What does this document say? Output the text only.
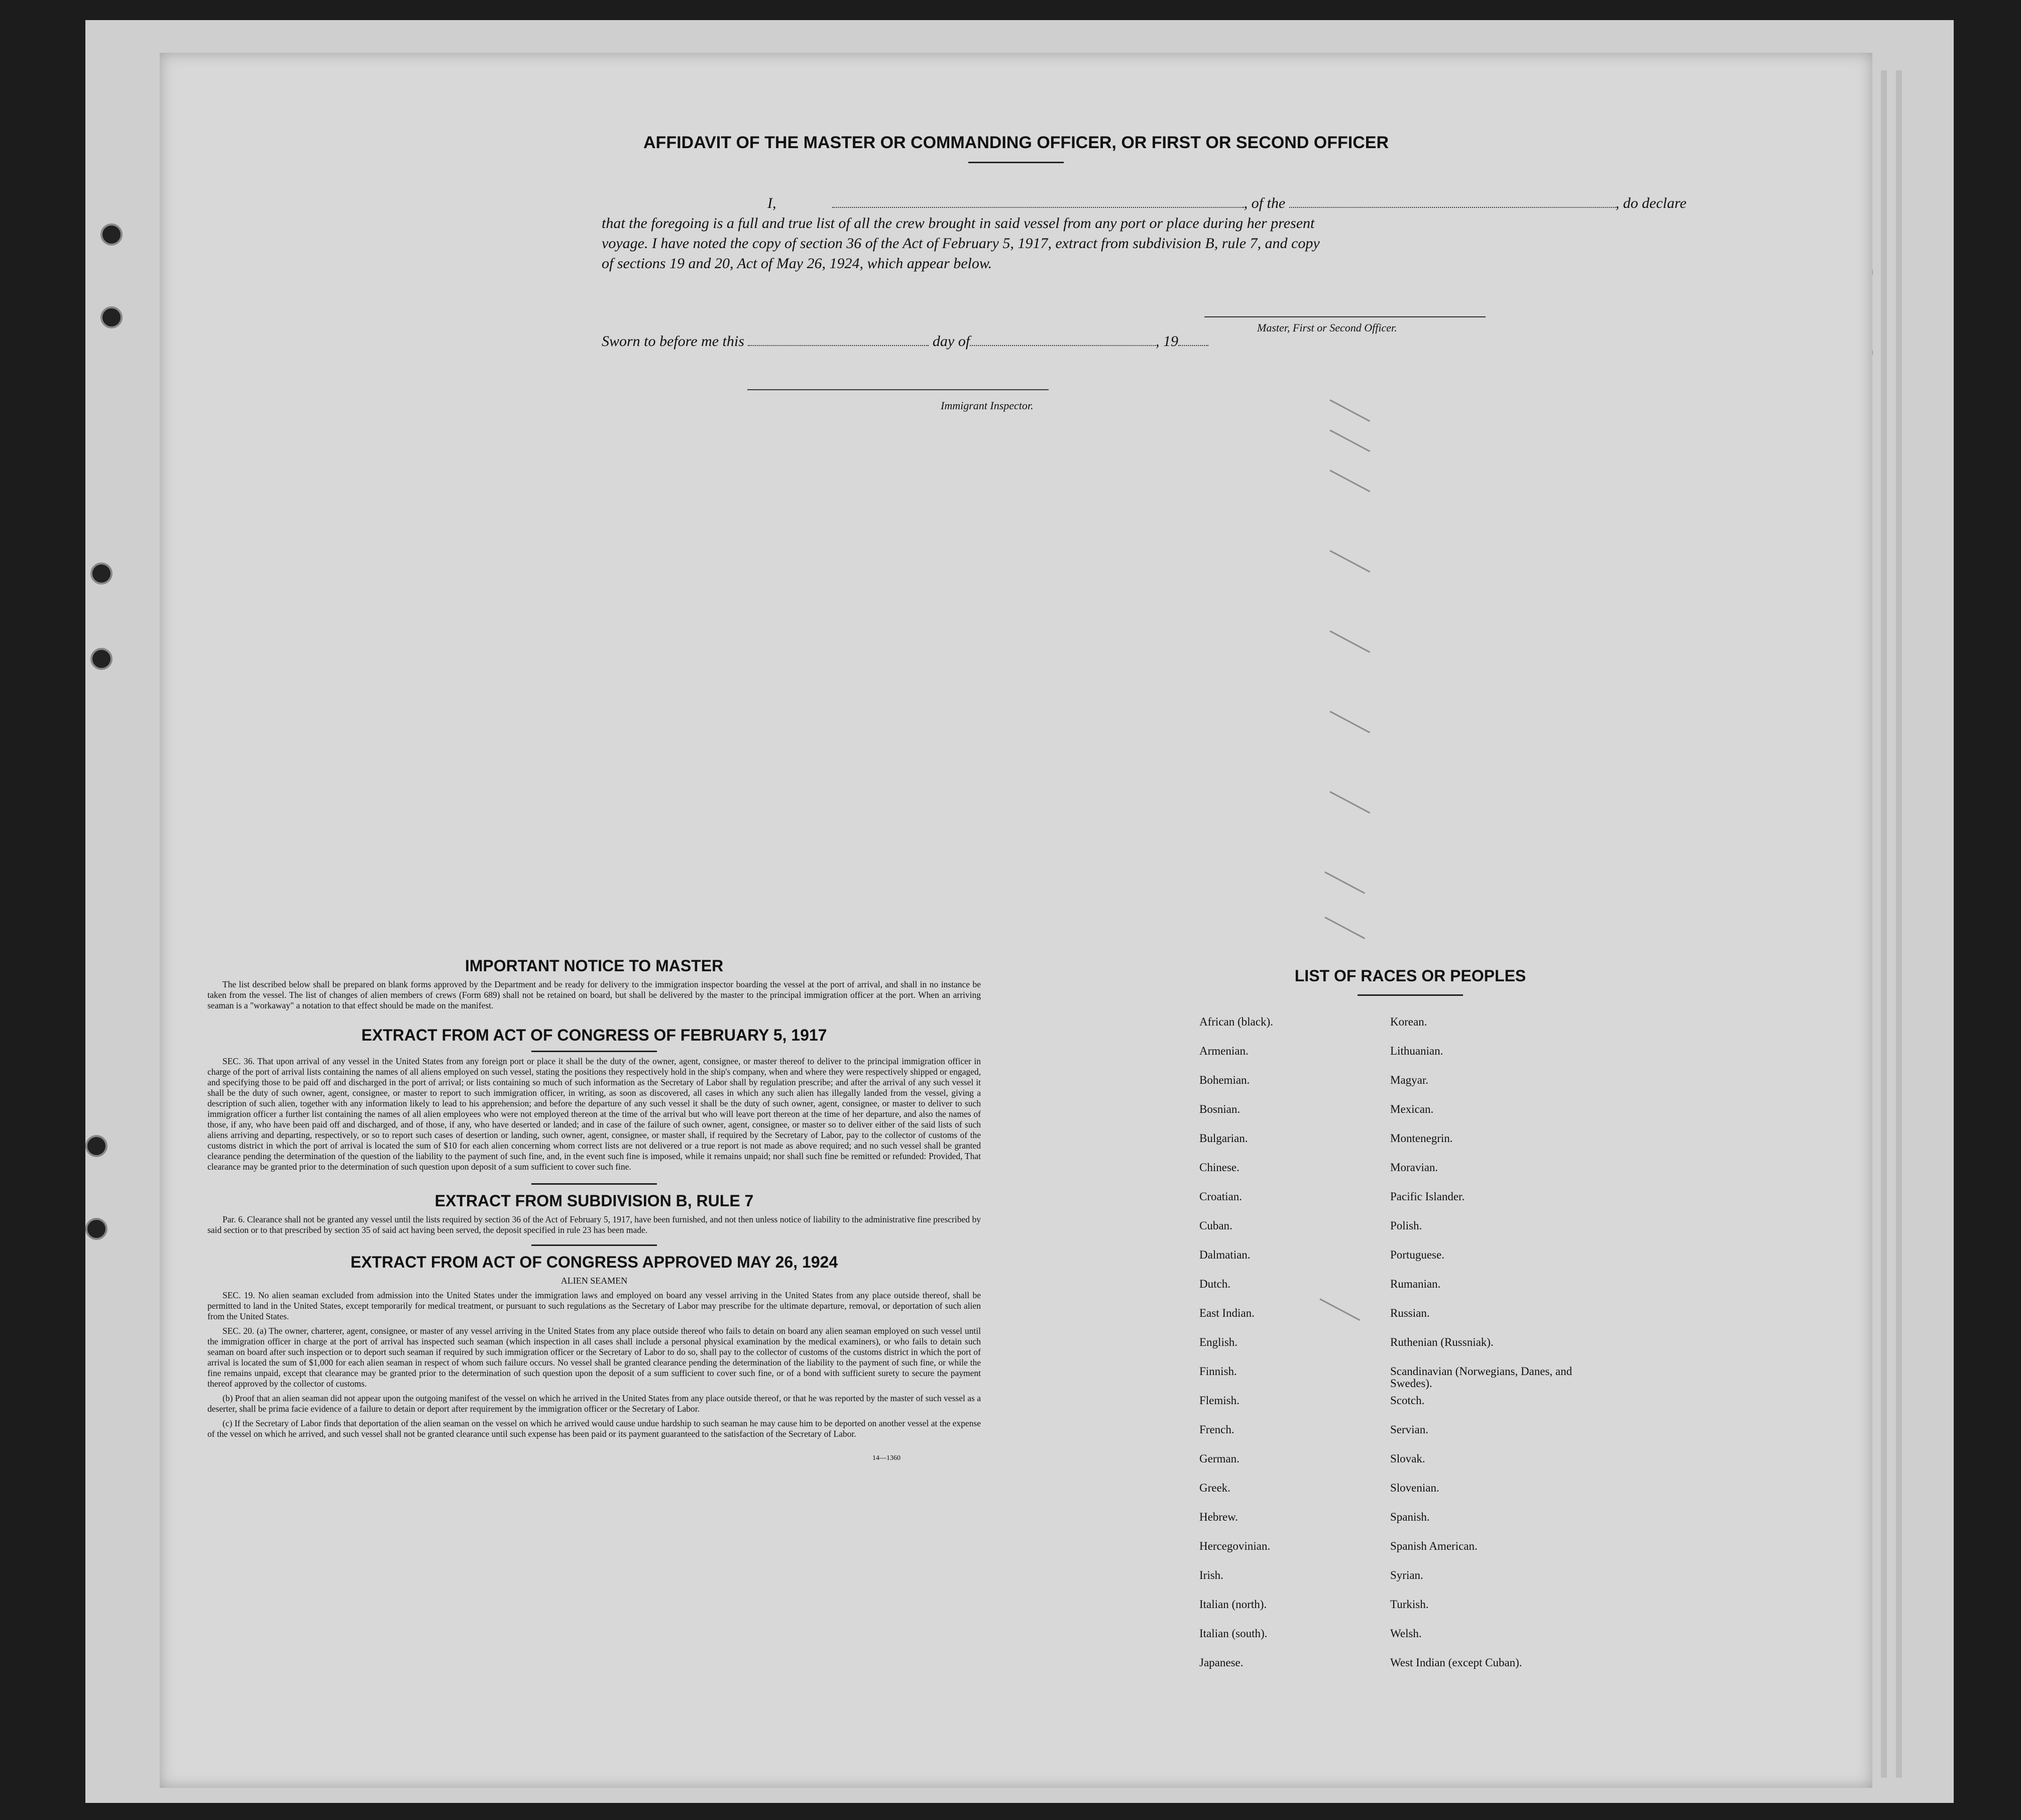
AFFIDAVIT OF THE MASTER OR COMMANDING OFFICER, OR FIRST OR SECOND OFFICER

I,	, of the	, do declare
that the foregoing is a full and true list of all the crew brought in said vessel from any port or place during her present
voyage. I have noted the copy of section 36 of the Act of February 5, 1917, extract from subdivision B, rule 7, and copy
of sections 19 and 20, Act of May 26, 1924, which appear below.
Master, First or Second Officer.
Sworn to before me this	day of	, 19
Immigrant Inspector.

IMPORTANT NOTICE TO MASTER

The list described below shall be prepared on blank forms approved by the Department and be ready for delivery to the immigration inspector boarding the vessel at the port of arrival, and shall in no instance be taken from the vessel. The list of changes of alien members of crews (Form 689) shall not be retained on board, but shall be delivered by the master to the principal immigration officer at the port. When an arriving seaman is a "workaway" a notation to that effect should be made on the manifest.

EXTRACT FROM ACT OF CONGRESS OF FEBRUARY 5, 1917

SEC. 36. That upon arrival of any vessel in the United States from any foreign port or place it shall be the duty of the owner, agent, consignee, or master thereof to deliver to the principal immigration officer in charge of the port of arrival lists containing the names of all aliens employed on such vessel, stating the positions they respectively hold in the ship's company, when and where they were respectively shipped or engaged, and specifying those to be paid off and discharged in the port of arrival; or lists containing so much of such information as the Secretary of Labor shall by regulation prescribe; and after the arrival of any such vessel it shall be the duty of such owner, agent, consignee, or master to report to such immigration officer, in writing, as soon as discovered, all cases in which any such alien has illegally landed from the vessel, giving a description of such alien, together with any information likely to lead to his apprehension; and before the departure of any such vessel it shall be the duty of such owner, agent, consignee, or master to deliver to such immigration officer a further list containing the names of all alien employees who were not employed thereon at the time of the arrival but who will leave port thereon at the time of her departure, and also the names of those, if any, who have been paid off and discharged, and of those, if any, who have deserted or landed; and in case of the failure of such owner, agent, consignee, or master so to deliver either of the said lists of such aliens arriving and departing, respectively, or so to report such cases of desertion or landing, such owner, agent, consignee, or master shall, if required by the Secretary of Labor, pay to the collector of customs of the customs district in which the port of arrival is located the sum of $10 for each alien concerning whom correct lists are not delivered or a true report is not made as above required; and no such vessel shall be granted clearance pending the determination of the question of the liability to the payment of such fine, and, in the event such fine is imposed, while it remains unpaid; nor shall such fine be remitted or refunded: Provided, That clearance may be granted prior to the determination of such question upon deposit of a sum sufficient to cover such fine.

EXTRACT FROM SUBDIVISION B, RULE 7

Par. 6. Clearance shall not be granted any vessel until the lists required by section 36 of the Act of February 5, 1917, have been furnished, and not then unless notice of liability to the administrative fine prescribed by said section or to that prescribed by section 35 of said act having been served, the deposit specified in rule 23 has been made.

EXTRACT FROM ACT OF CONGRESS APPROVED MAY 26, 1924

ALIEN SEAMEN

SEC. 19. No alien seaman excluded from admission into the United States under the immigration laws and employed on board any vessel arriving in the United States from any place outside thereof, shall be permitted to land in the United States, except temporarily for medical treatment, or pursuant to such regulations as the Secretary of Labor may prescribe for the ultimate departure, removal, or deportation of such alien from the United States.

SEC. 20. (a) The owner, charterer, agent, consignee, or master of any vessel arriving in the United States from any place outside thereof who fails to detain on board any alien seaman employed on such vessel until the immigration officer in charge at the port of arrival has inspected such seaman (which inspection in all cases shall include a personal physical examination by the medical examiners), or who fails to detain such seaman on board after such inspection or to deport such seaman if required by such immigration officer or the Secretary of Labor to do so, shall pay to the collector of customs of the customs district in which the port of arrival is located the sum of $1,000 for each alien seaman in respect of whom such failure occurs. No vessel shall be granted clearance pending the determination of the liability to the payment of such fine, or while the fine remains unpaid, except that clearance may be granted prior to the determination of such question upon the deposit of a sum sufficient to cover such fine, or of a bond with sufficient surety to secure the payment thereof approved by the collector of customs.

(b) Proof that an alien seaman did not appear upon the outgoing manifest of the vessel on which he arrived in the United States from any place outside thereof, or that he was reported by the master of such vessel as a deserter, shall be prima facie evidence of a failure to detain or deport after requirement by the immigration officer or the Secretary of Labor.

(c) If the Secretary of Labor finds that deportation of the alien seaman on the vessel on which he arrived would cause undue hardship to such seaman he may cause him to be deported on another vessel at the expense of the vessel on which he arrived, and such vessel shall not be granted clearance until such expense has been paid or its payment guaranteed to the satisfaction of the Secretary of Labor.

14—1360

LIST OF RACES OR PEOPLES

African (black).	Korean.
Armenian.	Lithuanian.
Bohemian.	Magyar.
Bosnian.	Mexican.
Bulgarian.	Montenegrin.
Chinese.	Moravian.
Croatian.	Pacific Islander.
Cuban.	Polish.
Dalmatian.	Portuguese.
Dutch.	Rumanian.
East Indian.	Russian.
English.	Ruthenian (Russniak).
Finnish.	Scandinavian (Norwegians, Danes, and Swedes).
Flemish.	Scotch.
French.	Servian.
German.	Slovak.
Greek.	Slovenian.
Hebrew.	Spanish.
Hercegovinian.	Spanish American.
Irish.	Syrian.
Italian (north).	Turkish.
Italian (south).	Welsh.
Japanese.	West Indian (except Cuban).
